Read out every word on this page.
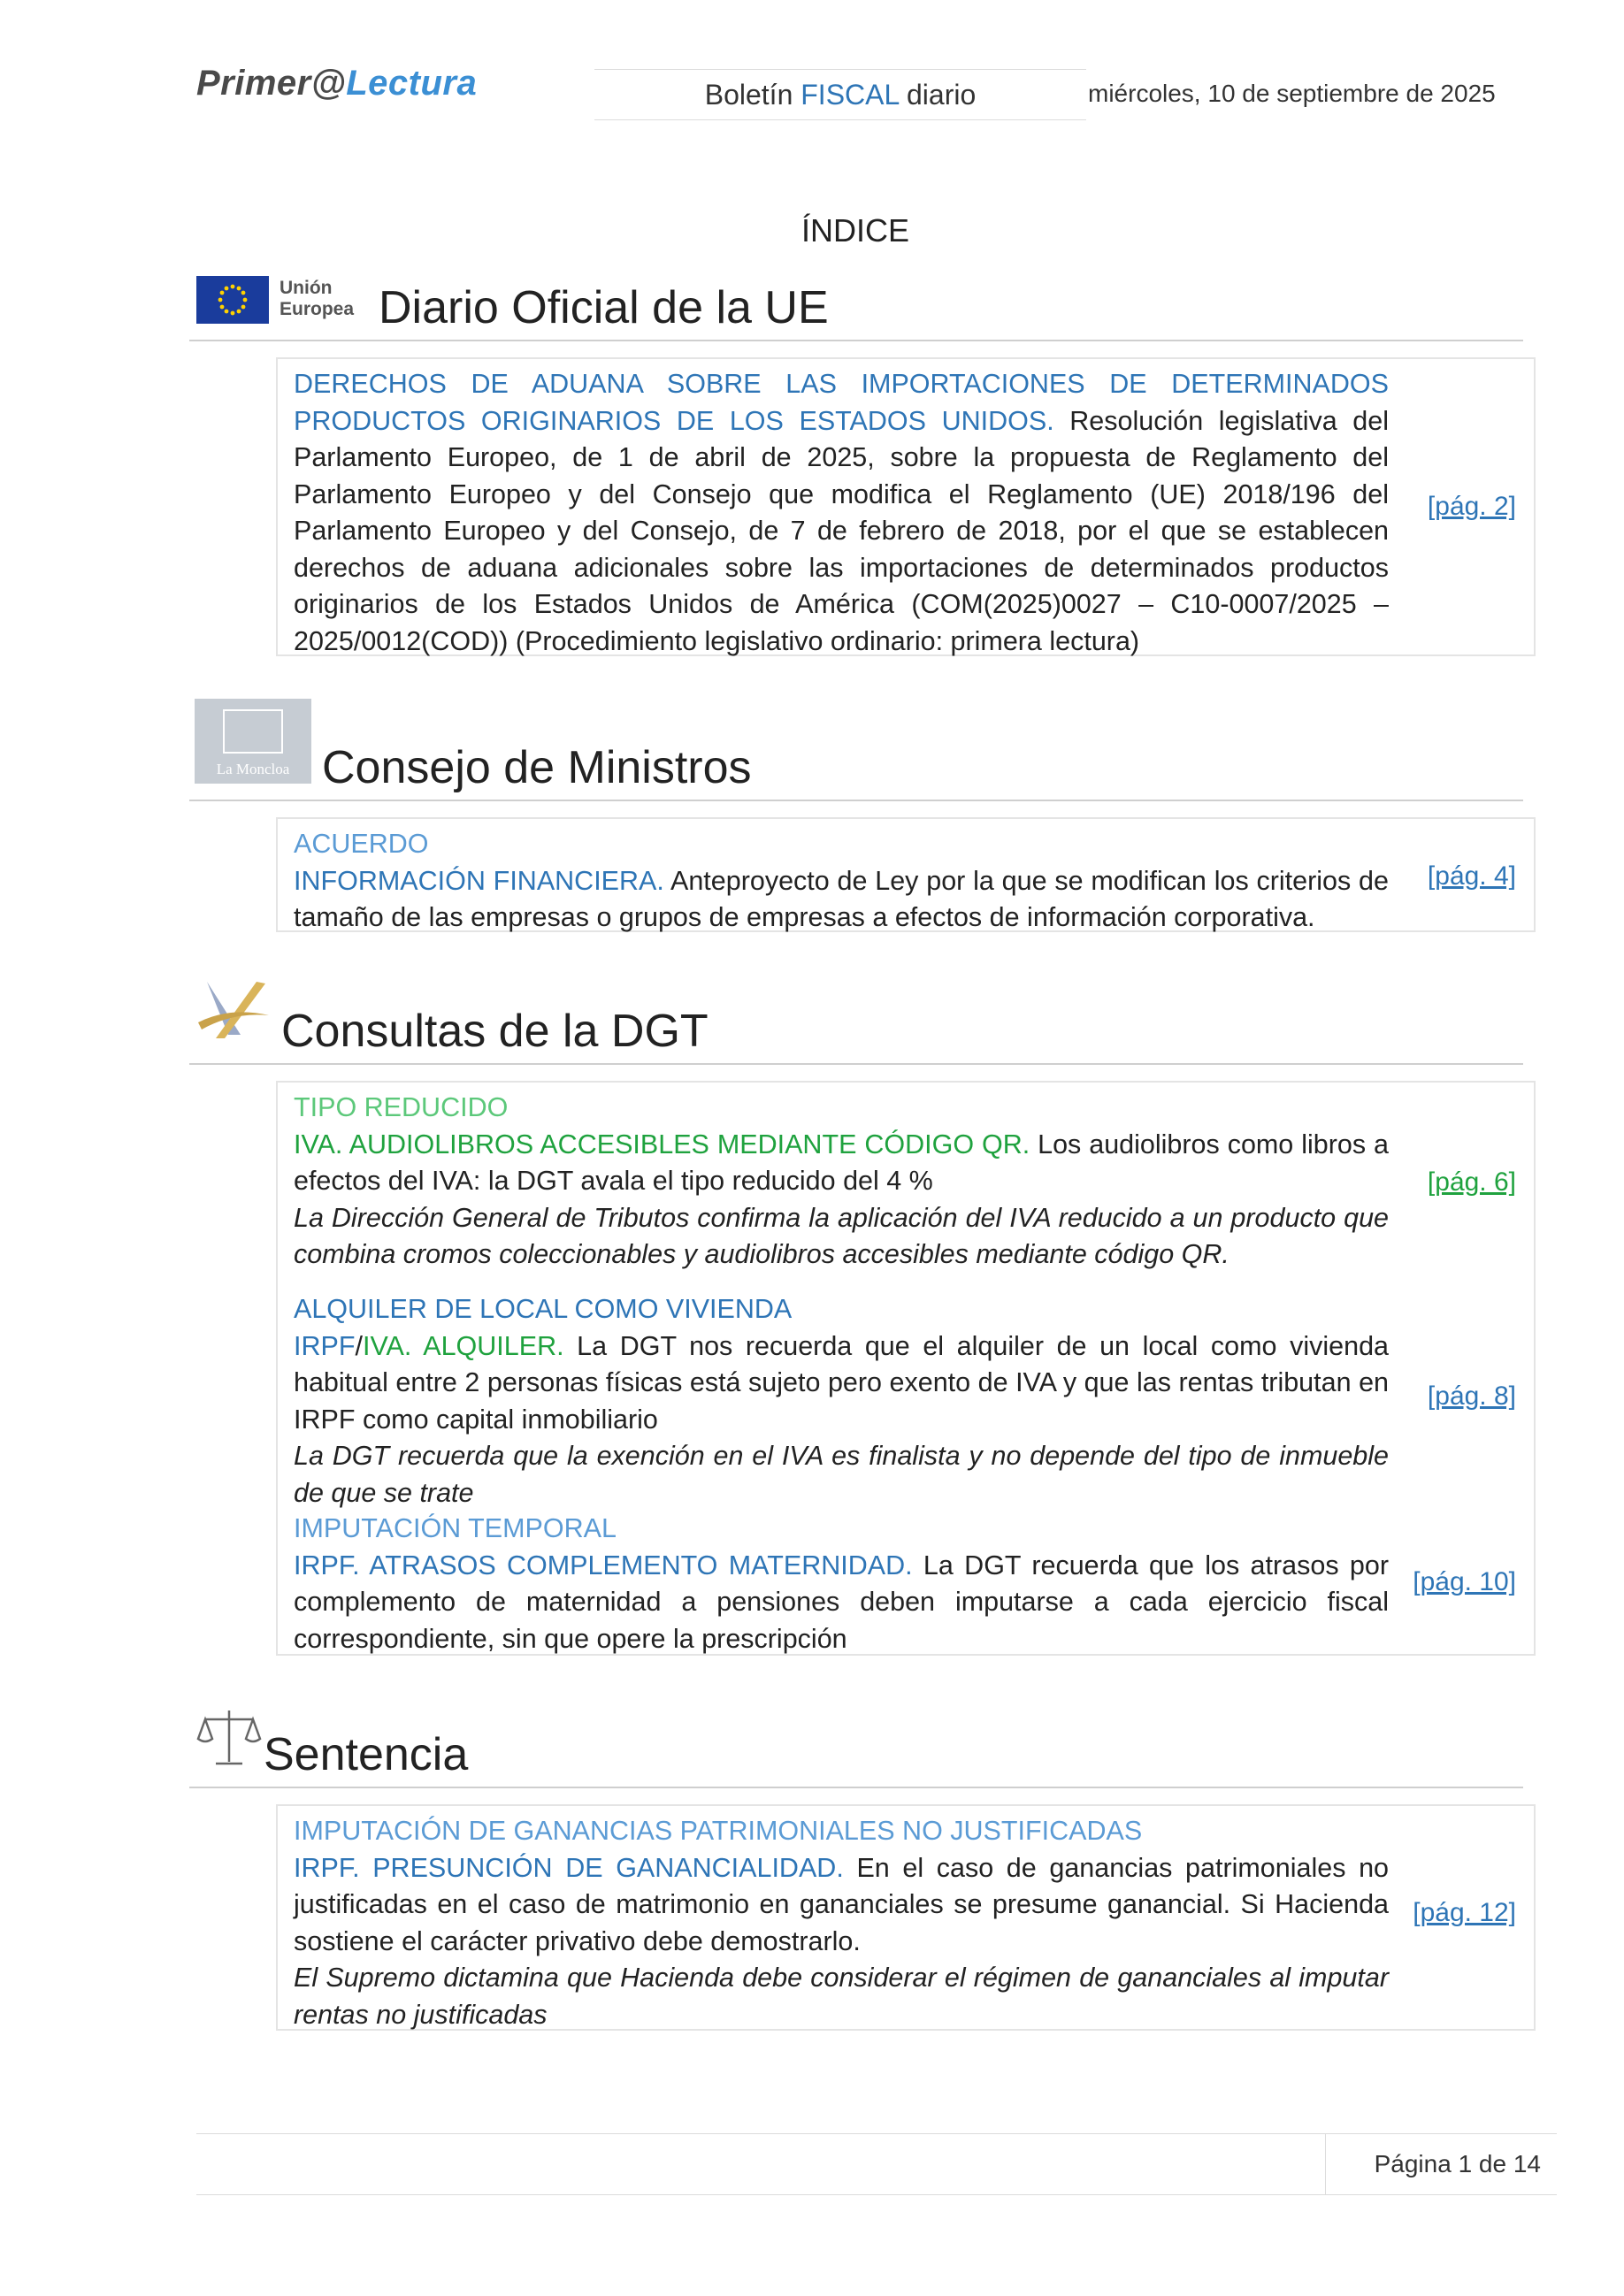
Primer@Lectura	Boletín FISCAL diario	miércoles, 10 de septiembre de 2025
ÍNDICE
Unión
Europea Diario Oficial de la UE

DERECHOS DE ADUANA SOBRE LAS IMPORTACIONES DE DETERMINADOS PRODUCTOS ORIGINARIOS DE LOS ESTADOS UNIDOS. Resolución legislativa del Parlamento Europeo, de 1 de abril de 2025, sobre la propuesta de Reglamento del Parlamento Europeo y del Consejo que modifica el Reglamento (UE) 2018/196 del Parlamento Europeo y del Consejo, de 7 de febrero de 2018, por el que se establecen derechos de aduana adicionales sobre las importaciones de determinados productos originarios de los Estados Unidos de América (COM(2025)0027 – C10-0007/2025 – 2025/0012(COD)) (Procedimiento legislativo ordinario: primera lectura)

[pág. 2]
La Moncloa Consejo de Ministros

ACUERDO

INFORMACIÓN FINANCIERA. Anteproyecto de Ley por la que se modifican los criterios de tamaño de las empresas o grupos de empresas a efectos de información corporativa.

[pág. 4]
Consultas de la DGT

TIPO REDUCIDO

IVA. AUDIOLIBROS ACCESIBLES MEDIANTE CÓDIGO QR. Los audiolibros como libros a efectos del IVA: la DGT avala el tipo reducido del 4 %

La Dirección General de Tributos confirma la aplicación del IVA reducido a un producto que combina cromos coleccionables y audiolibros accesibles mediante código QR.

[pág. 6]

ALQUILER DE LOCAL COMO VIVIENDA

IRPF/IVA. ALQUILER. La DGT nos recuerda que el alquiler de un local como vivienda habitual entre 2 personas físicas está sujeto pero exento de IVA y que las rentas tributan en IRPF como capital inmobiliario

La DGT recuerda que la exención en el IVA es finalista y no depende del tipo de inmueble de que se trate

[pág. 8]

IMPUTACIÓN TEMPORAL

IRPF. ATRASOS COMPLEMENTO MATERNIDAD. La DGT recuerda que los atrasos por complemento de maternidad a pensiones deben imputarse a cada ejercicio fiscal correspondiente, sin que opere la prescripción

[pág. 10]
Sentencia

IMPUTACIÓN DE GANANCIAS PATRIMONIALES NO JUSTIFICADAS

IRPF. PRESUNCIÓN DE GANANCIALIDAD. En el caso de ganancias patrimoniales no justificadas en el caso de matrimonio en gananciales se presume ganancial. Si Hacienda sostiene el carácter privativo debe demostrarlo.

El Supremo dictamina que Hacienda debe considerar el régimen de gananciales al imputar rentas no justificadas

[pág. 12]
Página 1 de 14
